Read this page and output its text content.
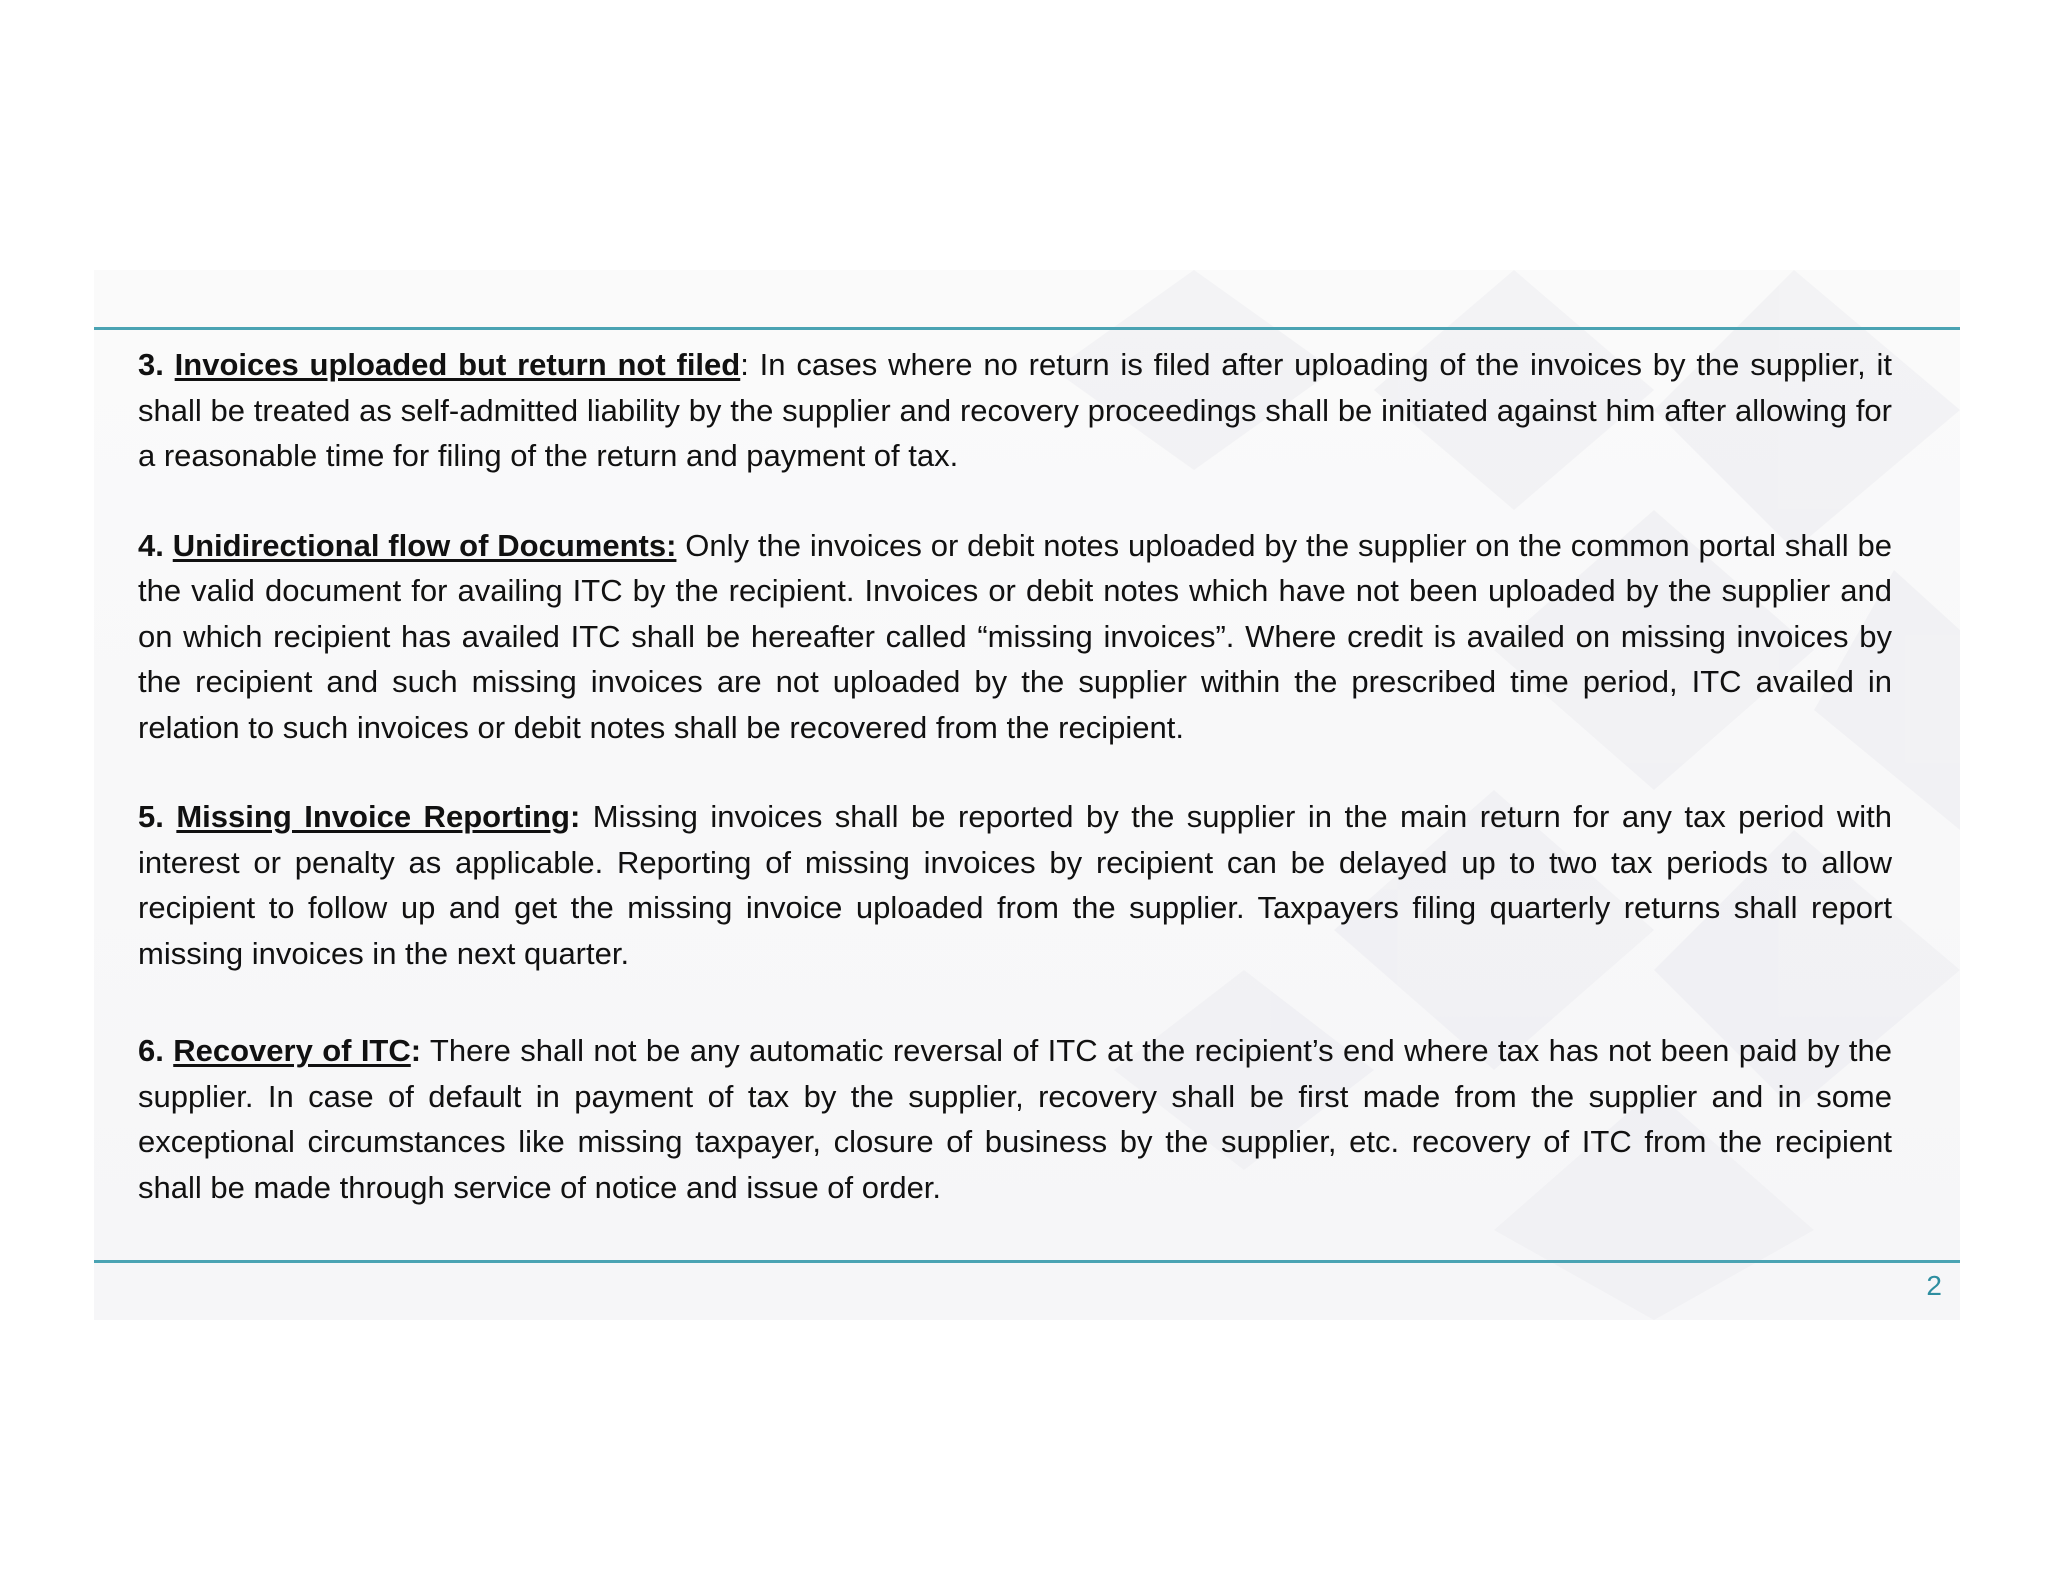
3. Invoices uploaded but return not filed: In cases where no return is filed after uploading of the invoices by the supplier, it shall be treated as self-admitted liability by the supplier and recovery proceedings shall be initiated against him after allowing for a reasonable time for filing of the return and payment of tax.

4. Unidirectional flow of Documents: Only the invoices or debit notes uploaded by the supplier on the common portal shall be the valid document for availing ITC by the recipient. Invoices or debit notes which have not been uploaded by the supplier and on which recipient has availed ITC shall be hereafter called “missing invoices”. Where credit is availed on missing invoices by the recipient and such missing invoices are not uploaded by the supplier within the prescribed time period, ITC availed in relation to such invoices or debit notes shall be recovered from the recipient.

5. Missing Invoice Reporting: Missing invoices shall be reported by the supplier in the main return for any tax period with interest or penalty as applicable. Reporting of missing invoices by recipient can be delayed up to two tax periods to allow recipient to follow up and get the missing invoice uploaded from the supplier. Taxpayers filing quarterly returns shall report missing invoices in the next quarter.

6. Recovery of ITC: There shall not be any automatic reversal of ITC at the recipient’s end where tax has not been paid by the supplier. In case of default in payment of tax by the supplier, recovery shall be first made from the supplier and in some exceptional circumstances like missing taxpayer, closure of business by the supplier, etc. recovery of ITC from the recipient shall be made through service of notice and issue of order.

2
